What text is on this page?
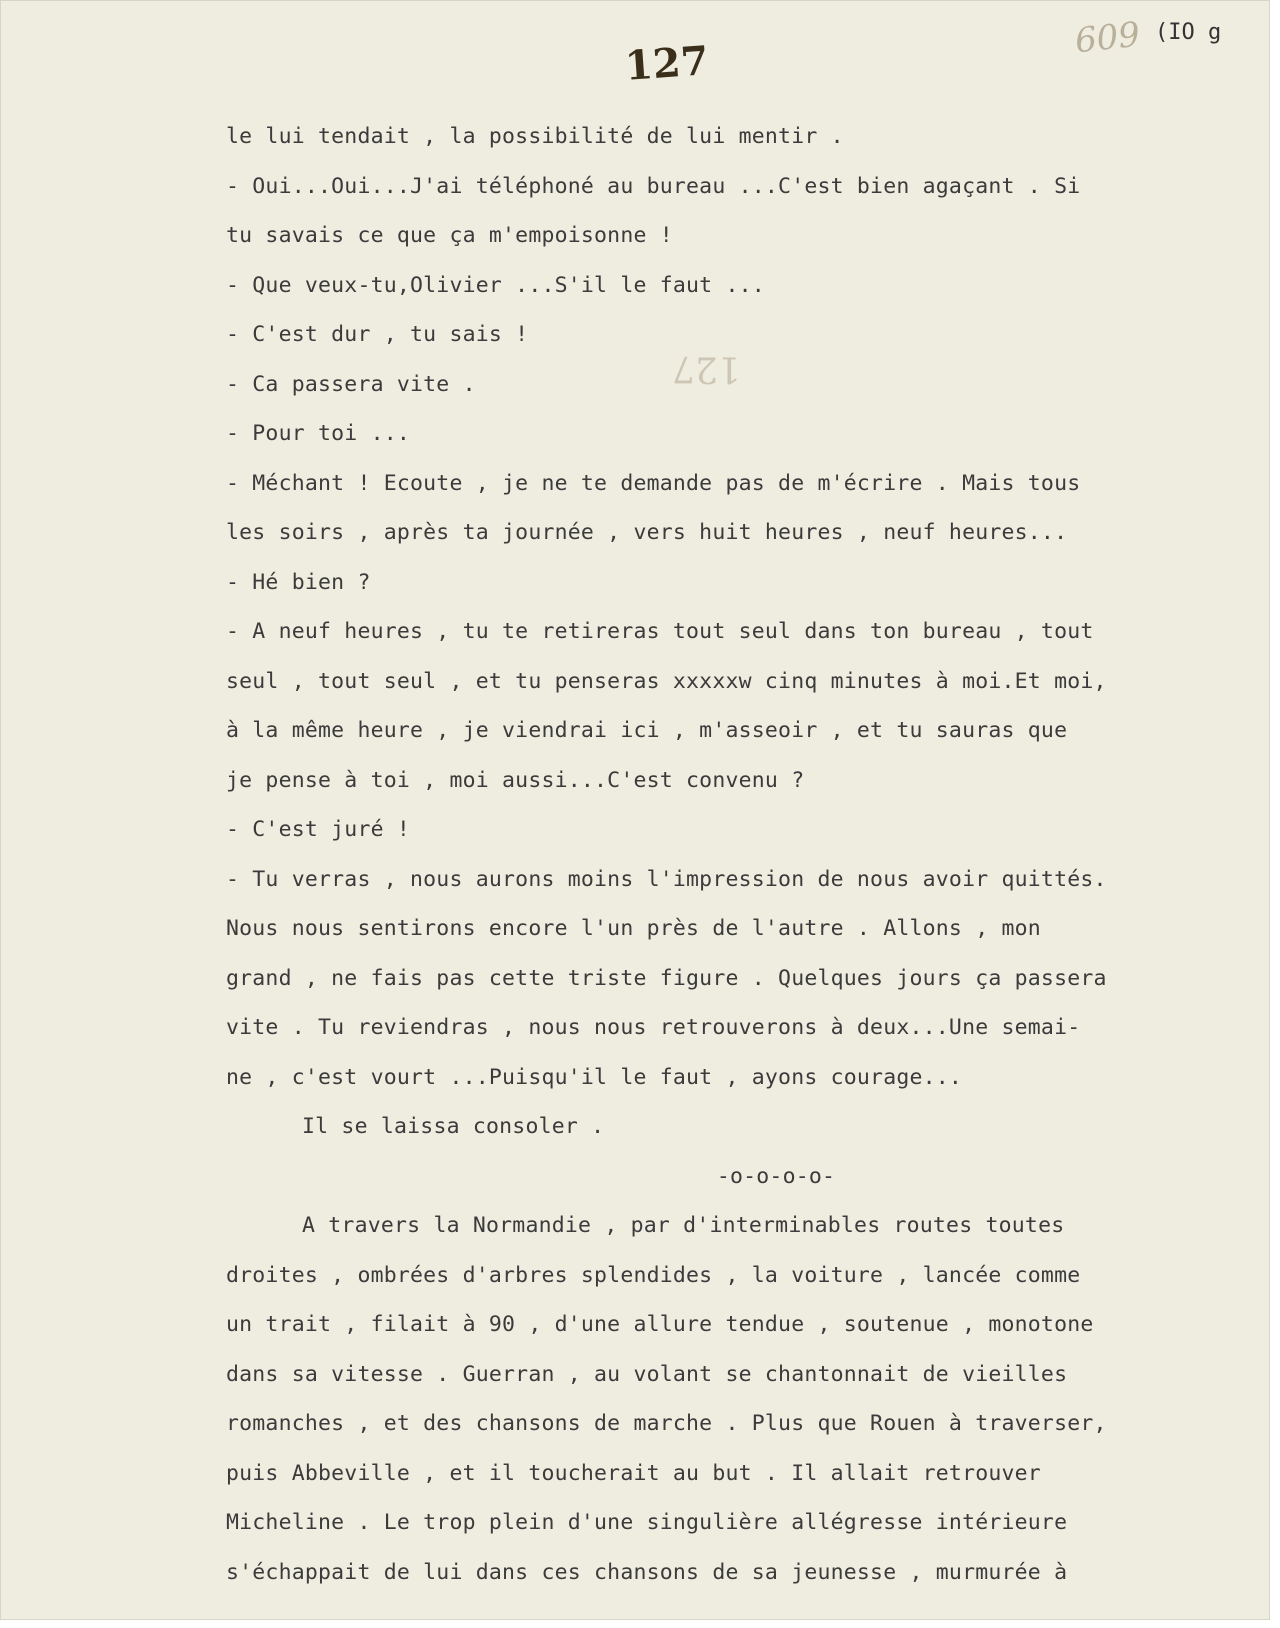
127	609 (IO g
127
le lui tendait , la possibilité de lui mentir .
- Oui...Oui...J'ai téléphoné au bureau ...C'est bien agaçant . Si
tu savais ce que ça m'empoisonne !
- Que veux-tu,Olivier ...S'il le faut ...
- C'est dur , tu sais !
- Ca passera vite .
- Pour toi ...
- Méchant ! Ecoute , je ne te demande pas de m'écrire . Mais tous
les soirs , après ta journée , vers huit heures , neuf heures...
- Hé bien ?
- A neuf heures , tu te retireras tout seul dans ton bureau , tout
seul , tout seul , et tu penseras xxxxxw cinq minutes à moi.Et moi,
à la même heure , je viendrai ici , m'asseoir , et tu sauras que
je pense à toi , moi aussi...C'est convenu ?
- C'est juré !
- Tu verras , nous aurons moins l'impression de nous avoir quittés.
Nous nous sentirons encore l'un près de l'autre . Allons , mon
grand , ne fais pas cette triste figure . Quelques jours ça passera
vite . Tu reviendras , nous nous retrouverons à deux...Une semai-
ne , c'est vourt ...Puisqu'il le faut , ayons courage...
Il se laissa consoler .
-o-o-o-o-
A travers la Normandie , par d'interminables routes toutes
droites , ombrées d'arbres splendides , la voiture , lancée comme
un trait , filait à 90 , d'une allure tendue , soutenue , monotone
dans sa vitesse . Guerran , au volant se chantonnait de vieilles
romanches , et des chansons de marche . Plus que Rouen à traverser,
puis Abbeville , et il toucherait au but . Il allait retrouver
Micheline . Le trop plein d'une singulière allégresse intérieure
s'échappait de lui dans ces chansons de sa jeunesse , murmurée à
